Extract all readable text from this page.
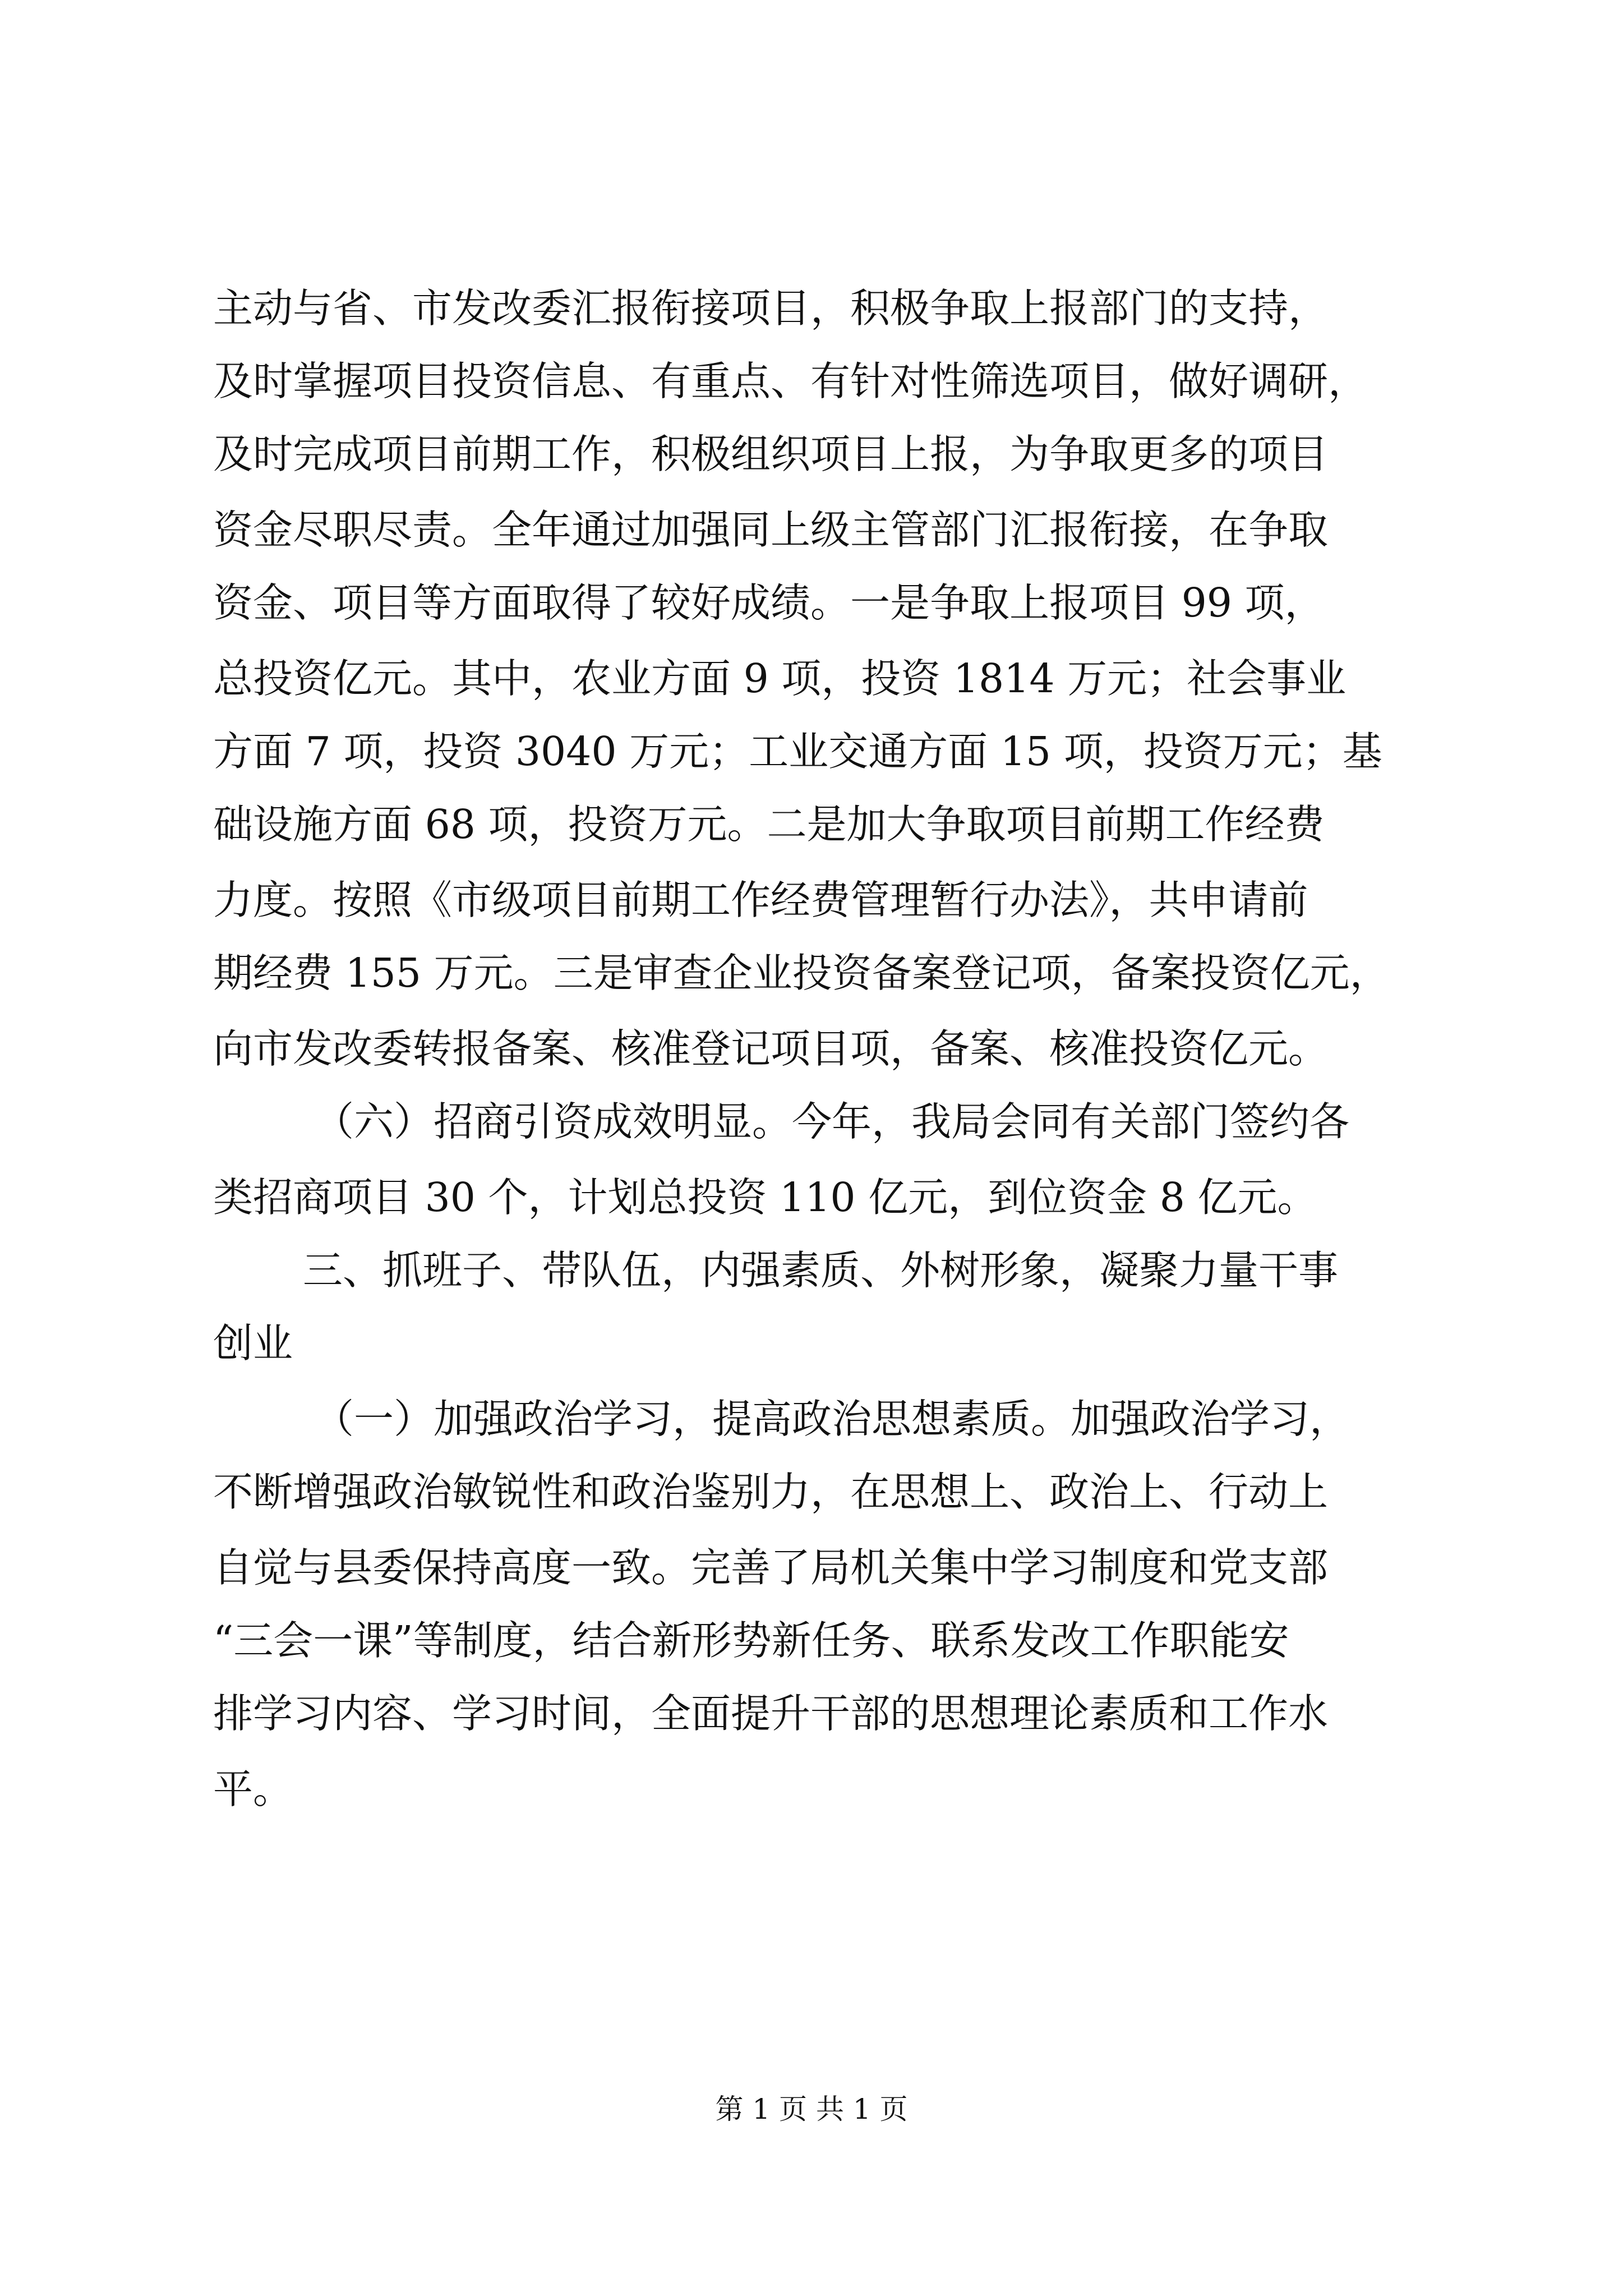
主动与省、市发改委汇报衔接项目，积极争取上报部门的支持，
及时掌握项目投资信息、有重点、有针对性筛选项目，做好调研，
及时完成项目前期工作，积极组织项目上报，为争取更多的项目
资金尽职尽责。全年通过加强同上级主管部门汇报衔接，在争取
资金、项目等方面取得了较好成绩。一是争取上报项目 99 项，
总投资亿元。其中，农业方面 9 项，投资 1814 万元；社会事业
方面 7 项，投资 3040 万元；工业交通方面 15 项，投资万元；基
础设施方面 68 项，投资万元。二是加大争取项目前期工作经费
力度。按照《市级项目前期工作经费管理暂行办法》，共申请前
期经费 155 万元。三是审查企业投资备案登记项，备案投资亿元，
向市发改委转报备案、核准登记项目项，备案、核准投资亿元。
（六）招商引资成效明显。今年，我局会同有关部门签约各
类招商项目 30 个，计划总投资 110 亿元，到位资金 8 亿元。
三、抓班子、带队伍，内强素质、外树形象，凝聚力量干事
创业
（一）加强政治学习，提高政治思想素质。加强政治学习，
不断增强政治敏锐性和政治鉴别力，在思想上、政治上、行动上
自觉与县委保持高度一致。完善了局机关集中学习制度和党支部
“三会一课”等制度，结合新形势新任务、联系发改工作职能安
排学习内容、学习时间，全面提升干部的思想理论素质和工作水
平。
第 1 页 共 1 页
